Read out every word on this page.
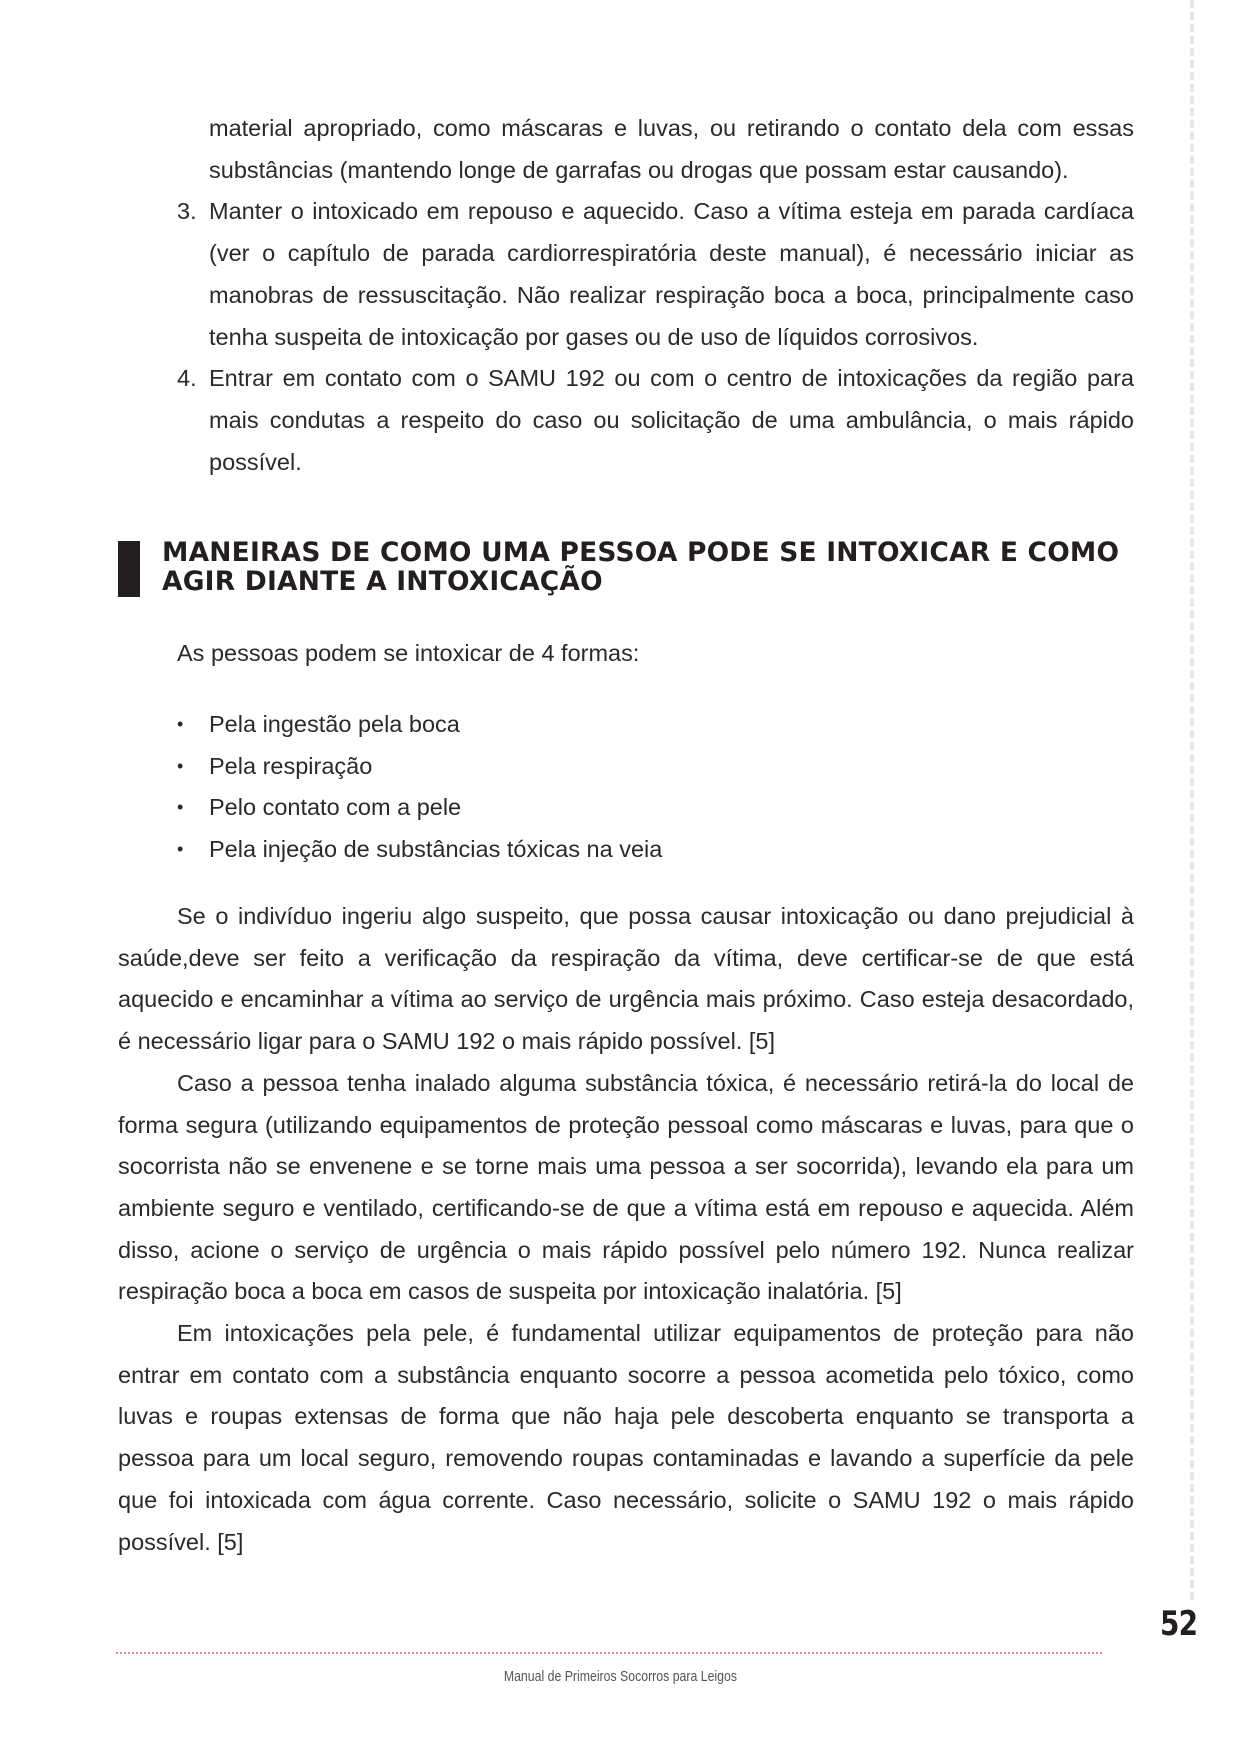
material apropriado, como máscaras e luvas, ou retirando o contato dela com essas substâncias (mantendo longe de garrafas ou drogas que possam estar causando).
3. Manter o intoxicado em repouso e aquecido. Caso a vítima esteja em parada cardíaca (ver o capítulo de parada cardiorrespiratória deste manual), é necessário iniciar as manobras de ressuscitação. Não realizar respiração boca a boca, principalmente caso tenha suspeita de intoxicação por gases ou de uso de líquidos corrosivos.
4. Entrar em contato com o SAMU 192 ou com o centro de intoxicações da região para mais condutas a respeito do caso ou solicitação de uma ambulância, o mais rápido possível.
MANEIRAS DE COMO UMA PESSOA PODE SE INTOXICAR E COMO
AGIR DIANTE A INTOXICAÇÃO
As pessoas podem se intoxicar de 4 formas:
• Pela ingestão pela boca
• Pela respiração
• Pelo contato com a pele
• Pela injeção de substâncias tóxicas na veia

Se o indivíduo ingeriu algo suspeito, que possa causar intoxicação ou dano prejudicial à saúde,deve ser feito a verificação da respiração da vítima, deve certificar-se de que está aquecido e encaminhar a vítima ao serviço de urgência mais próximo. Caso esteja desacordado, é necessário ligar para o SAMU 192 o mais rápido possível. [5]

Caso a pessoa tenha inalado alguma substância tóxica, é necessário retirá-la do local de forma segura (utilizando equipamentos de proteção pessoal como máscaras e luvas, para que o socorrista não se envenene e se torne mais uma pessoa a ser socorrida), levando ela para um ambiente seguro e ventilado, certificando-se de que a vítima está em repouso e aquecida. Além disso, acione o serviço de urgência o mais rápido possível pelo número 192. Nunca realizar respiração boca a boca em casos de suspeita por intoxicação inalatória. [5]

Em intoxicações pela pele, é fundamental utilizar equipamentos de proteção para não entrar em contato com a substância enquanto socorre a pessoa acometida pelo tóxico, como luvas e roupas extensas de forma que não haja pele descoberta enquanto se transporta a pessoa para um local seguro, removendo roupas contaminadas e lavando a superfície da pele que foi intoxicada com água corrente. Caso necessário, solicite o SAMU 192 o mais rápido possível. [5]

52
Manual de Primeiros Socorros para Leigos
